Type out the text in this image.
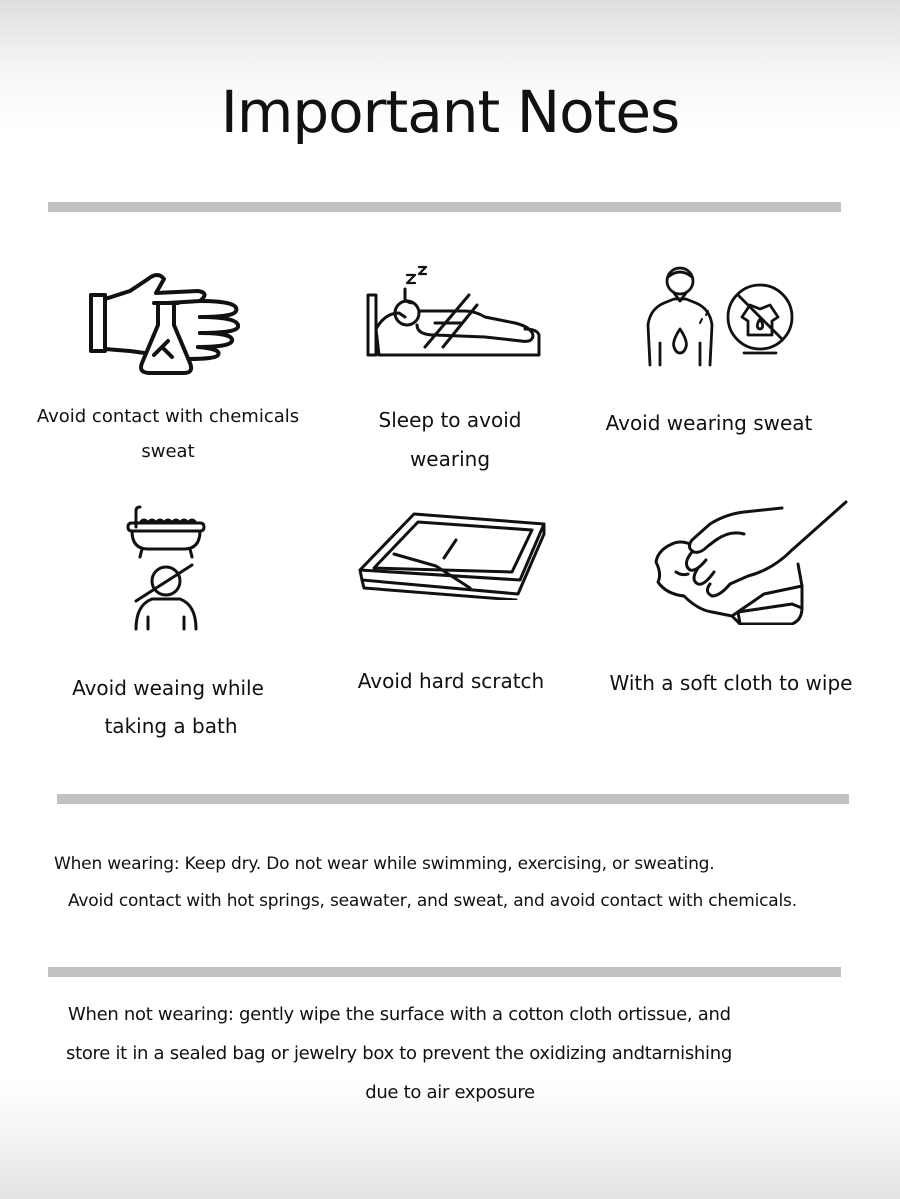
Important Notes
Avoid contact with chemicals
sweat
Sleep to avoid
wearing
Avoid wearing sweat
Avoid weaing while
taking a bath
Avoid hard scratch	With a soft cloth to wipe
When wearing: Keep dry. Do not wear while swimming, exercising, or sweating.
Avoid contact with hot springs, seawater, and sweat, and avoid contact with chemicals.
When not wearing: gently wipe the surface with a cotton cloth ortissue, and
store it in a sealed bag or jewelry box to prevent the oxidizing andtarnishing
due to air exposure
